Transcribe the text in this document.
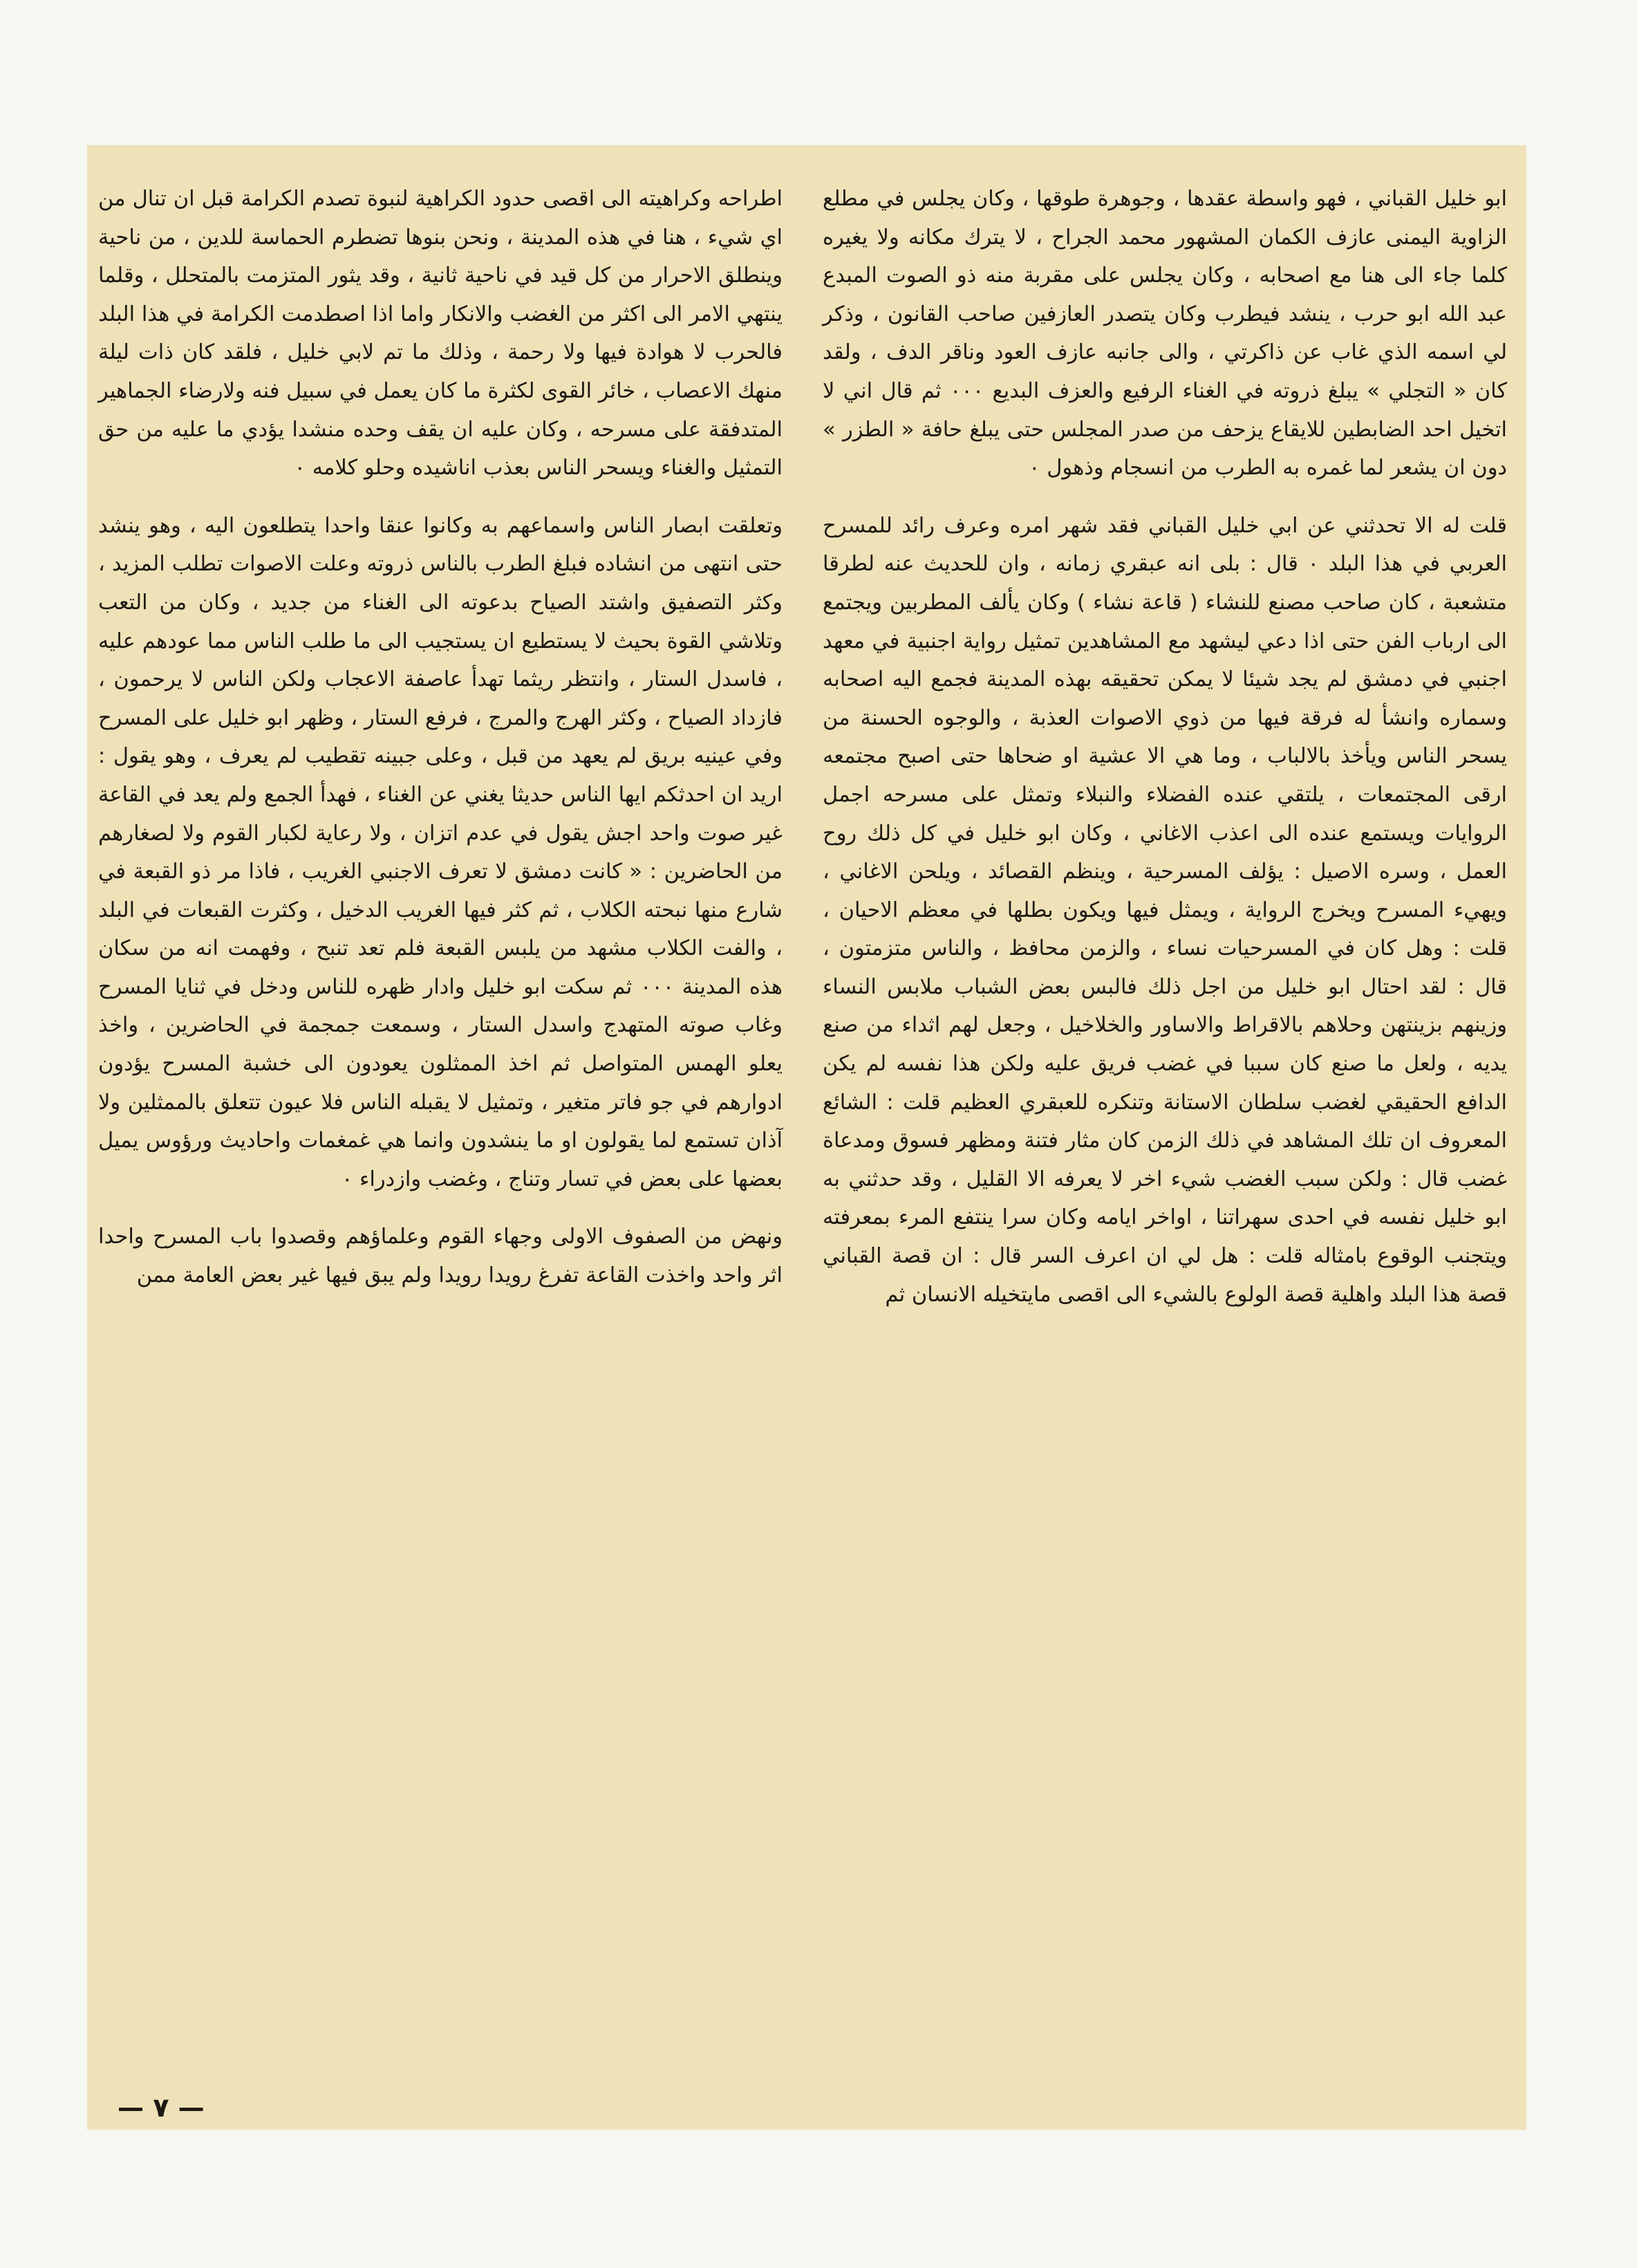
ابو خليل القباني ، فهو واسطة عقدها ، وجوهرة طوقها ، وكان يجلس في مطلع الزاوية اليمنى عازف الكمان المشهور محمد الجراح ، لا يترك مكانه ولا يغيره كلما جاء الى هنا مع اصحابه ، وكان يجلس على مقربة منه ذو الصوت المبدع عبد الله ابو حرب ، ينشد فيطرب وكان يتصدر العازفين صاحب القانون ، وذكر لي اسمه الذي غاب عن ذاكرتي ، والى جانبه عازف العود وناقر الدف ، ولقد كان « التجلي » يبلغ ذروته في الغناء الرفيع والعزف البديع ٠٠٠ ثم قال اني لا اتخيل احد الضابطين للايقاع يزحف من صدر المجلس حتى يبلغ حافة « الطزر » دون ان يشعر لما غمره به الطرب من انسجام وذهول ٠

قلت له الا تحدثني عن ابي خليل القباني فقد شهر امره وعرف رائد للمسرح العربي في هذا البلد ٠ قال : بلى انه عبقري زمانه ، وان للحديث عنه لطرقا متشعبة ، كان صاحب مصنع للنشاء ( قاعة نشاء ) وكان يألف المطربين ويجتمع الى ارباب الفن حتى اذا دعي ليشهد مع المشاهدين تمثيل رواية اجنبية في معهد اجنبي في دمشق لم يجد شيئا لا يمكن تحقيقه بهذه المدينة فجمع اليه اصحابه وسماره وانشأ له فرقة فيها من ذوي الاصوات العذبة ، والوجوه الحسنة من يسحر الناس ويأخذ بالالباب ، وما هي الا عشية او ضحاها حتى اصبح مجتمعه ارقى المجتمعات ، يلتقي عنده الفضلاء والنبلاء وتمثل على مسرحه اجمل الروايات ويستمع عنده الى اعذب الاغاني ، وكان ابو خليل في كل ذلك روح العمل ، وسره الاصيل : يؤلف المسرحية ، وينظم القصائد ، ويلحن الاغاني ، ويهيء المسرح ويخرج الرواية ، ويمثل فيها ويكون بطلها في معظم الاحيان ، قلت : وهل كان في المسرحيات نساء ، والزمن محافظ ، والناس متزمتون ، قال : لقد احتال ابو خليل من اجل ذلك فالبس بعض الشباب ملابس النساء وزينهم بزينتهن وحلاهم بالاقراط والاساور والخلاخيل ، وجعل لهم اثداء من صنع يديه ، ولعل ما صنع كان سببا في غضب فريق عليه ولكن هذا نفسه لم يكن الدافع الحقيقي لغضب سلطان الاستانة وتنكره للعبقري العظيم قلت : الشائع المعروف ان تلك المشاهد في ذلك الزمن كان مثار فتنة ومظهر فسوق ومدعاة غضب قال : ولكن سبب الغضب شيء اخر لا يعرفه الا القليل ، وقد حدثني به ابو خليل نفسه في احدى سهراتنا ، اواخر ايامه وكان سرا ينتفع المرء بمعرفته ويتجنب الوقوع بامثاله قلت : هل لي ان اعرف السر قال : ان قصة القباني قصة هذا البلد واهلية قصة الولوع بالشيء الى اقصى مايتخيله الانسان ثم

اطراحه وكراهيته الى اقصى حدود الكراهية لنبوة تصدم الكرامة قبل ان تنال من اي شيء ، هنا في هذه المدينة ، ونحن بنوها تضطرم الحماسة للدين ، من ناحية وينطلق الاحرار من كل قيد في ناحية ثانية ، وقد يثور المتزمت بالمتحلل ، وقلما ينتهي الامر الى اكثر من الغضب والانكار واما اذا اصطدمت الكرامة في هذا البلد فالحرب لا هوادة فيها ولا رحمة ، وذلك ما تم لابي خليل ، فلقد كان ذات ليلة منهك الاعصاب ، خائر القوى لكثرة ما كان يعمل في سبيل فنه ولارضاء الجماهير المتدفقة على مسرحه ، وكان عليه ان يقف وحده منشدا يؤدي ما عليه من حق التمثيل والغناء ويسحر الناس بعذب اناشيده وحلو كلامه ٠

وتعلقت ابصار الناس واسماعهم به وكانوا عنقا واحدا يتطلعون اليه ، وهو ينشد حتى انتهى من انشاده فبلغ الطرب بالناس ذروته وعلت الاصوات تطلب المزيد ، وكثر التصفيق واشتد الصياح بدعوته الى الغناء من جديد ، وكان من التعب وتلاشي القوة بحيث لا يستطيع ان يستجيب الى ما طلب الناس مما عودهم عليه ، فاسدل الستار ، وانتظر ريثما تهدأ عاصفة الاعجاب ولكن الناس لا يرحمون ، فازداد الصياح ، وكثر الهرج والمرج ، فرفع الستار ، وظهر ابو خليل على المسرح وفي عينيه بريق لم يعهد من قبل ، وعلى جبينه تقطيب لم يعرف ، وهو يقول : اريد ان احدثكم ايها الناس حديثا يغني عن الغناء ، فهدأ الجمع ولم يعد في القاعة غير صوت واحد اجش يقول في عدم اتزان ، ولا رعاية لكبار القوم ولا لصغارهم من الحاضرين : « كانت دمشق لا تعرف الاجنبي الغريب ، فاذا مر ذو القبعة في شارع منها نبحته الكلاب ، ثم كثر فيها الغريب الدخيل ، وكثرت القبعات في البلد ، والفت الكلاب مشهد من يلبس القبعة فلم تعد تنبح ، وفهمت انه من سكان هذه المدينة ٠٠٠ ثم سكت ابو خليل وادار ظهره للناس ودخل في ثنايا المسرح وغاب صوته المتهدج واسدل الستار ، وسمعت جمجمة في الحاضرين ، واخذ يعلو الهمس المتواصل ثم اخذ الممثلون يعودون الى خشبة المسرح يؤدون ادوارهم في جو فاتر متغير ، وتمثيل لا يقبله الناس فلا عيون تتعلق بالممثلين ولا آذان تستمع لما يقولون او ما ينشدون وانما هي غمغمات واحاديث ورؤوس يميل بعضها على بعض في تسار وتناج ، وغضب وازدراء ٠

ونهض من الصفوف الاولى وجهاء القوم وعلماؤهم وقصدوا باب المسرح واحدا اثر واحد واخذت القاعة تفرغ رويدا رويدا ولم يبق فيها غير بعض العامة ممن

— ٧ —
